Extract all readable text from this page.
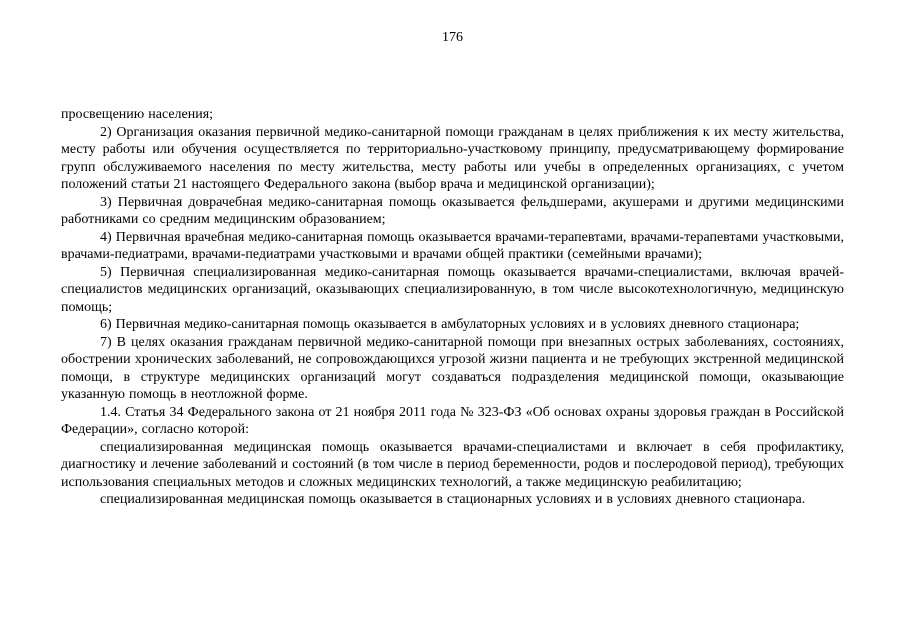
176

просвещению населения;

2) Организация оказания первичной медико-санитарной помощи гражданам в целях приближения к их месту жительства, месту работы или обучения осуществляется по территориально-участковому принципу, предусматривающему формирование групп обслуживаемого населения по месту жительства, месту работы или учебы в определенных организациях, с учетом положений статьи 21 настоящего Федерального закона (выбор врача и медицинской организации);

3) Первичная доврачебная медико-санитарная помощь оказывается фельдшерами, акушерами и другими медицинскими работниками со средним медицинским образованием;

4) Первичная врачебная медико-санитарная помощь оказывается врачами-терапевтами, врачами-терапевтами участковыми, врачами-педиатрами, врачами-педиатрами участковыми и врачами общей практики (семейными врачами);

5) Первичная специализированная медико-санитарная помощь оказывается врачами-специалистами, включая врачей-специалистов медицинских организаций, оказывающих специализированную, в том числе высокотехнологичную, медицинскую помощь;

6) Первичная медико-санитарная помощь оказывается в амбулаторных условиях и в условиях дневного стационара;

7) В целях оказания гражданам первичной медико-санитарной помощи при внезапных острых заболеваниях, состояниях, обострении хронических заболеваний, не сопровождающихся угрозой жизни пациента и не требующих экстренной медицинской помощи, в структуре медицинских организаций могут создаваться подразделения медицинской помощи, оказывающие указанную помощь в неотложной форме.

1.4. Статья 34 Федерального закона от 21 ноября 2011 года № 323-ФЗ «Об основах охраны здоровья граждан в Российской Федерации», согласно которой:

специализированная медицинская помощь оказывается врачами-специалистами и включает в себя профилактику, диагностику и лечение заболеваний и состояний (в том числе в период беременности, родов и послеродовой период), требующих использования специальных методов и сложных медицинских технологий, а также медицинскую реабилитацию;

специализированная медицинская помощь оказывается в стационарных условиях и в условиях дневного стационара.
